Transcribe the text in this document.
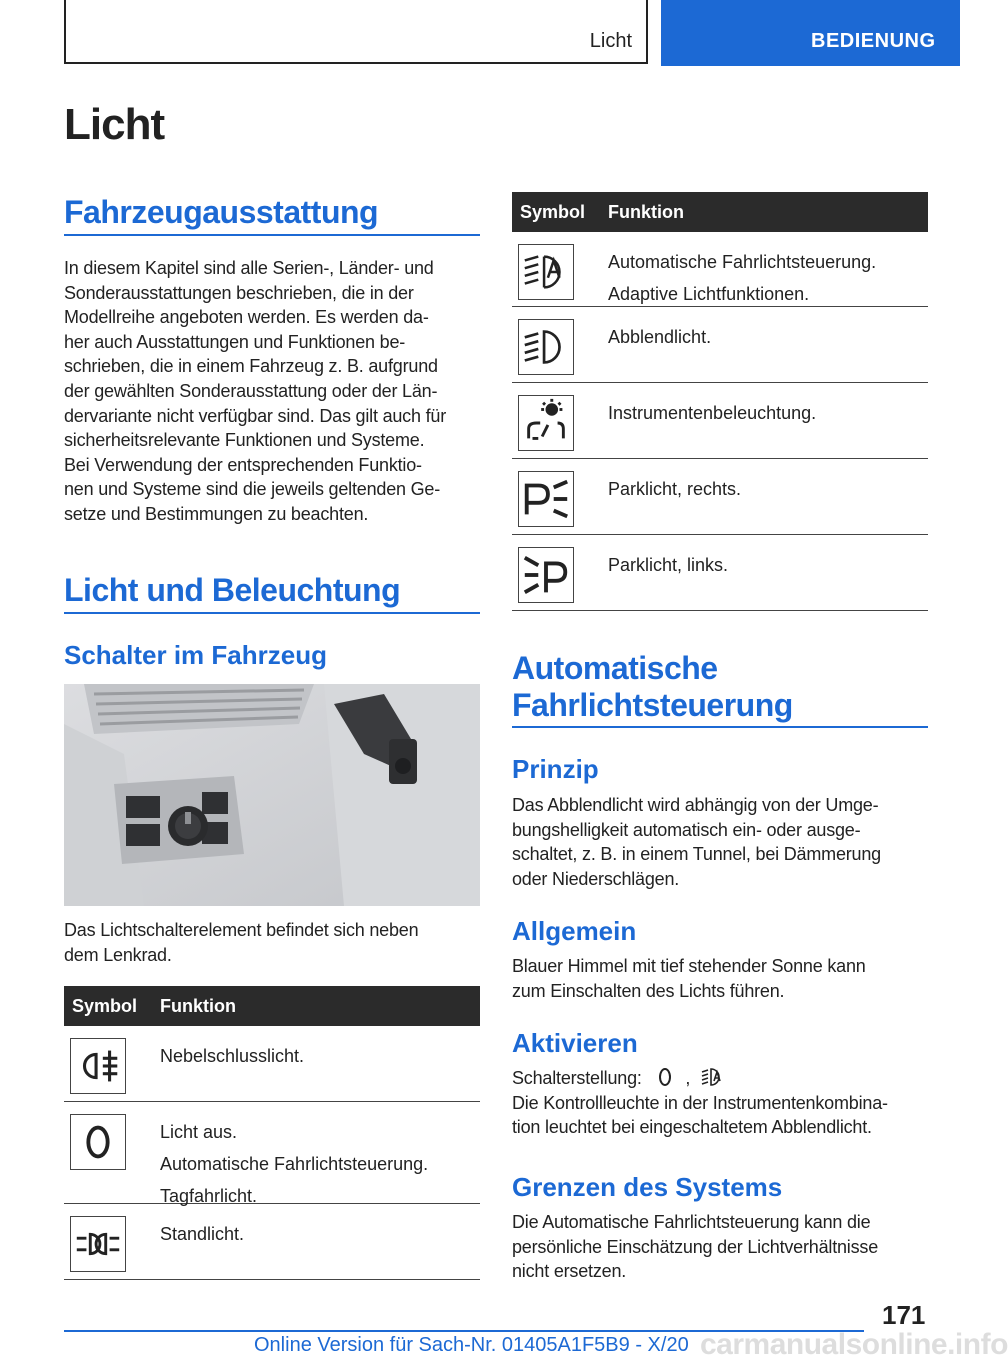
Licht	BEDIENUNG
Licht
Fahrzeugausstattung
In diesem Kapitel sind alle Serien-, Länder- und
Sonderausstattungen beschrieben, die in der
Modellreihe angeboten werden. Es werden da-
her auch Ausstattungen und Funktionen be-
schrieben, die in einem Fahrzeug z. B. aufgrund
der gewählten Sonderausstattung oder der Län-
dervariante nicht verfügbar sind. Das gilt auch für
sicherheitsrelevante Funktionen und Systeme.
Bei Verwendung der entsprechenden Funktio-
nen und Systeme sind die jeweils geltenden Ge-
setze und Bestimmungen zu beachten.
Licht und Beleuchtung
Schalter im Fahrzeug
Das Lichtschalterelement befindet sich neben
dem Lenkrad.
Symbol Funktion
Nebelschlusslicht.
Licht aus.
Automatische Fahrlichtsteuerung.
Tagfahrlicht.
Standlicht.
Symbol Funktion
Automatische Fahrlichtsteuerung.
Adaptive Lichtfunktionen.
Abblendlicht.
Instrumentenbeleuchtung.
Parklicht, rechts.
Parklicht, links.
Automatische
Fahrlichtsteuerung
Prinzip
Das Abblendlicht wird abhängig von der Umge-
bungshelligkeit automatisch ein- oder ausge-
schaltet, z. B. in einem Tunnel, bei Dämmerung
oder Niederschlägen.
Allgemein
Blauer Himmel mit tief stehender Sonne kann
zum Einschalten des Lichts führen.
Aktivieren
Schalterstellung: ,
Die Kontrollleuchte in der Instrumentenkombina-
tion leuchtet bei eingeschaltetem Abblendlicht.
Grenzen des Systems
Die Automatische Fahrlichtsteuerung kann die
persönliche Einschätzung der Lichtverhältnisse
nicht ersetzen.
171
Online Version für Sach-Nr. 01405A1F5B9 - X/20 carmanualsonline.info
